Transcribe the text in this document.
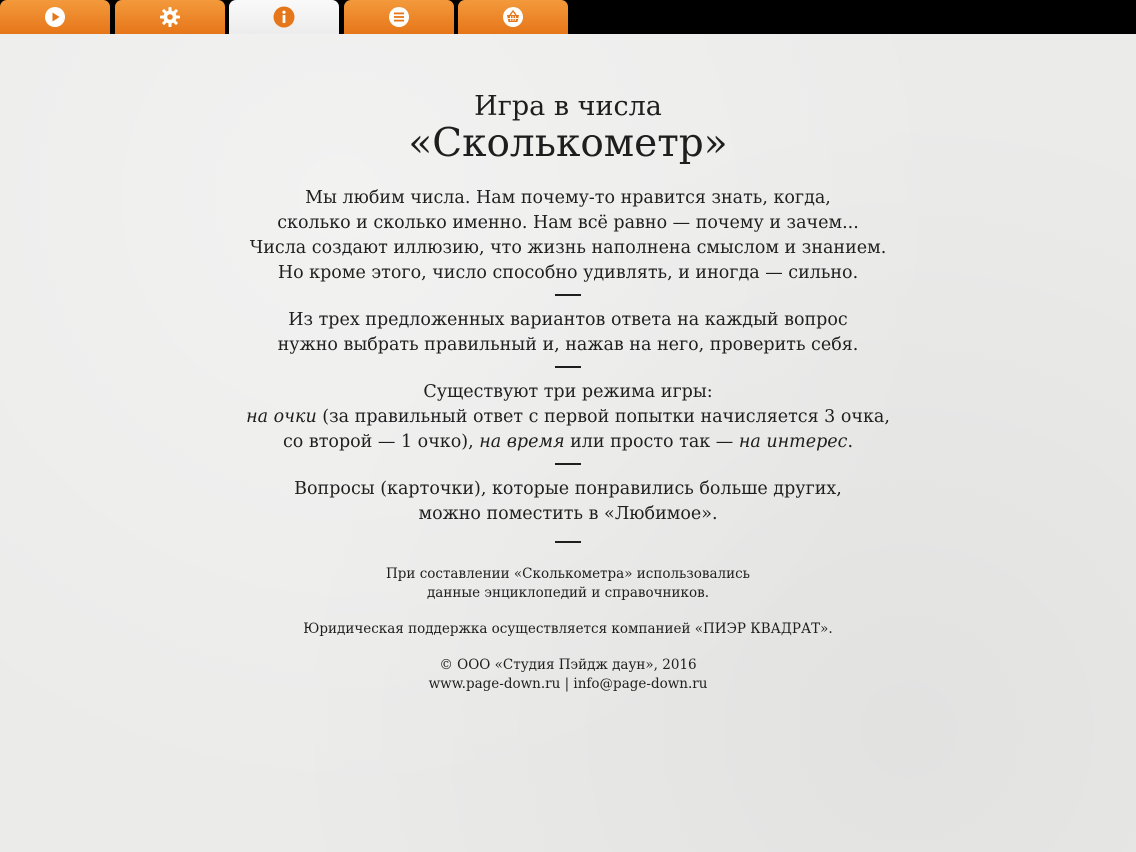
Игра в числа

«Сколькометр»

Мы любим числа. Нам почему-то нравится знать, когда,

сколько и сколько именно. Нам всё равно — почему и зачем...

Числа создают иллюзию, что жизнь наполнена смыслом и знанием.

Но кроме этого, число способно удивлять, и иногда — сильно.

Из трех предложенных вариантов ответа на каждый вопрос

нужно выбрать правильный и, нажав на него, проверить себя.

Существуют три режима игры:

на очки (за правильный ответ с первой попытки начисляется 3 очка,

со второй — 1 очко), на время или просто так — на интерес.

Вопросы (карточки), которые понравились больше других,

можно поместить в «Любимое».

При составлении «Сколькометра» использовались

данные энциклопедий и справочников.

Юридическая поддержка осуществляется компанией «ПИЭР КВАДРАТ».

© ООО «Студия Пэйдж даун», 2016

www.page-down.ru | info@page-down.ru
